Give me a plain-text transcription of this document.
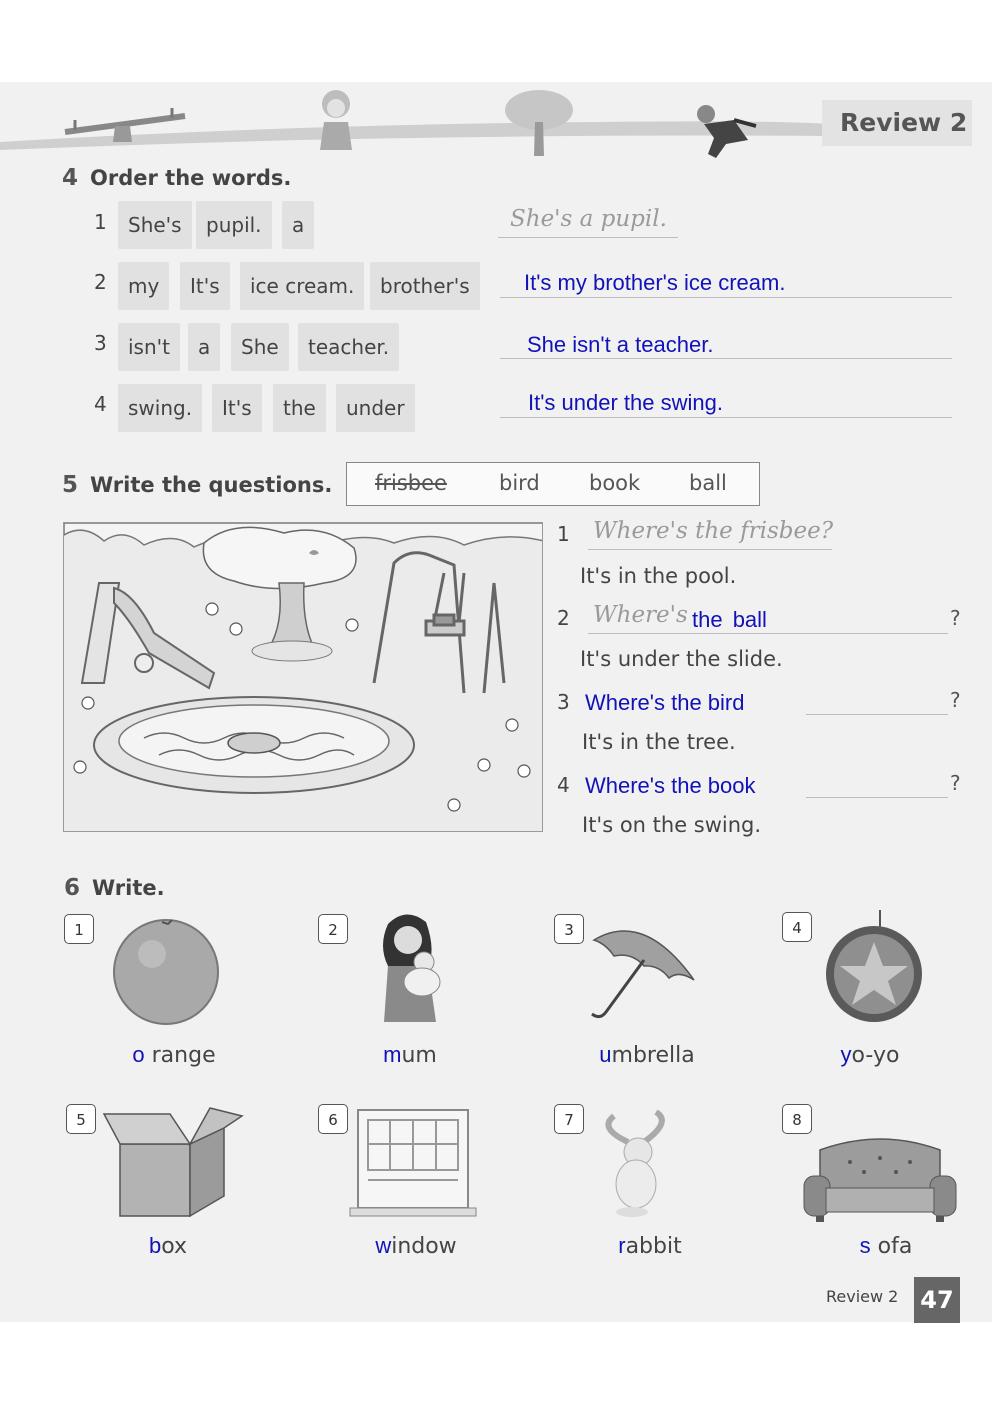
Review 2
4 Order the words.
1	She's	pupil.	a	She's a pupil.
2	my	It's	ice cream.	brother's	It's my brother's ice cream.
3	isn't	a	She	teacher.	She isn't a teacher.
4	swing.	It's	the	under	It's under the swing.
5 Write the questions. frisbee bird book ball
1 Where's the frisbee?
It's in the pool.
2 Where's the ball	?
It's under the slide.
3 Where's the bird	?
It's in the tree.
4 Where's the book	?
It's on the swing.
6 Write.
1
o range
2
mum
3
umbrella
4
yo-yo
5
box
6
window
7
rabbit
8
s ofa
Review 2 47
